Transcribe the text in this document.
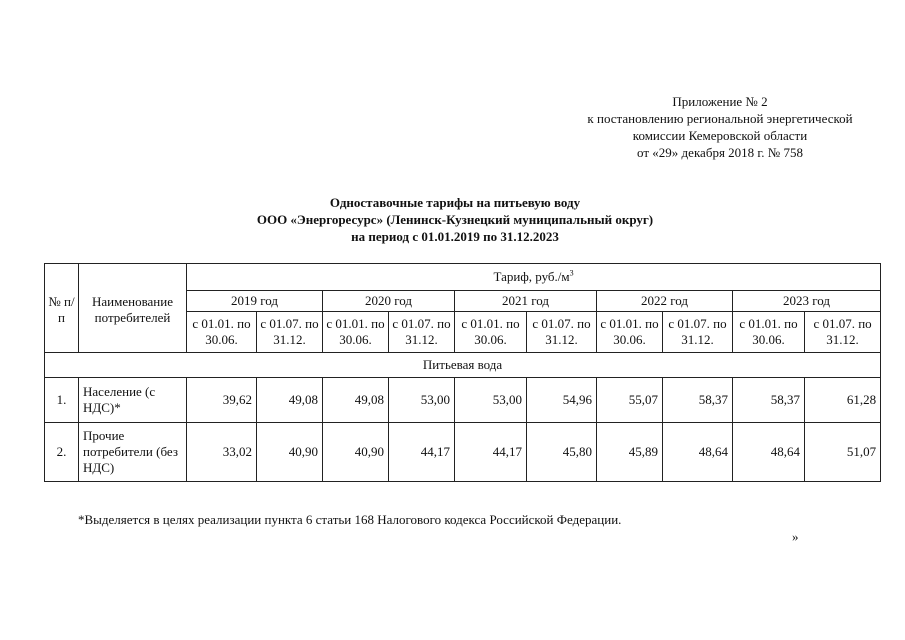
Приложение № 2
к постановлению региональной энергетической
комиссии Кемеровской области
от «29» декабря 2018 г. № 758
Одноставочные тарифы на питьевую воду
ООО «Энергоресурс» (Ленинск-Кузнецкий муниципальный округ)
на период с 01.01.2019 по 31.12.2023
№ п/п	Наименование потребителей	Тариф, $руб./м^3$
		2019 год		2020 год		2021 год		2022 год		2023 год	
		с 01.01. по 30.06.	с 01.07. по 31.12.	с 01.01. по 30.06.	с 01.07. по 31.12.	с 01.01. по 30.06.	с 01.07. по 31.12.	с 01.01. по 30.06.	с 01.07. по 31.12.	с 01.01. по 30.06.	с 01.07. по 31.12.
Питьевая вода											
1.	Население (с НДС)*	39,62	49,08	49,08	53,00	53,00	54,96	55,07	58,37	58,37	61,28
2.	Прочие потребители (без НДС)	33,02	40,90	40,90	44,17	44,17	45,80	45,89	48,64	48,64	51,07
*Выделяется в целях реализации пункта 6 статьи 168 Налогового кодекса Российской Федерации.
»
